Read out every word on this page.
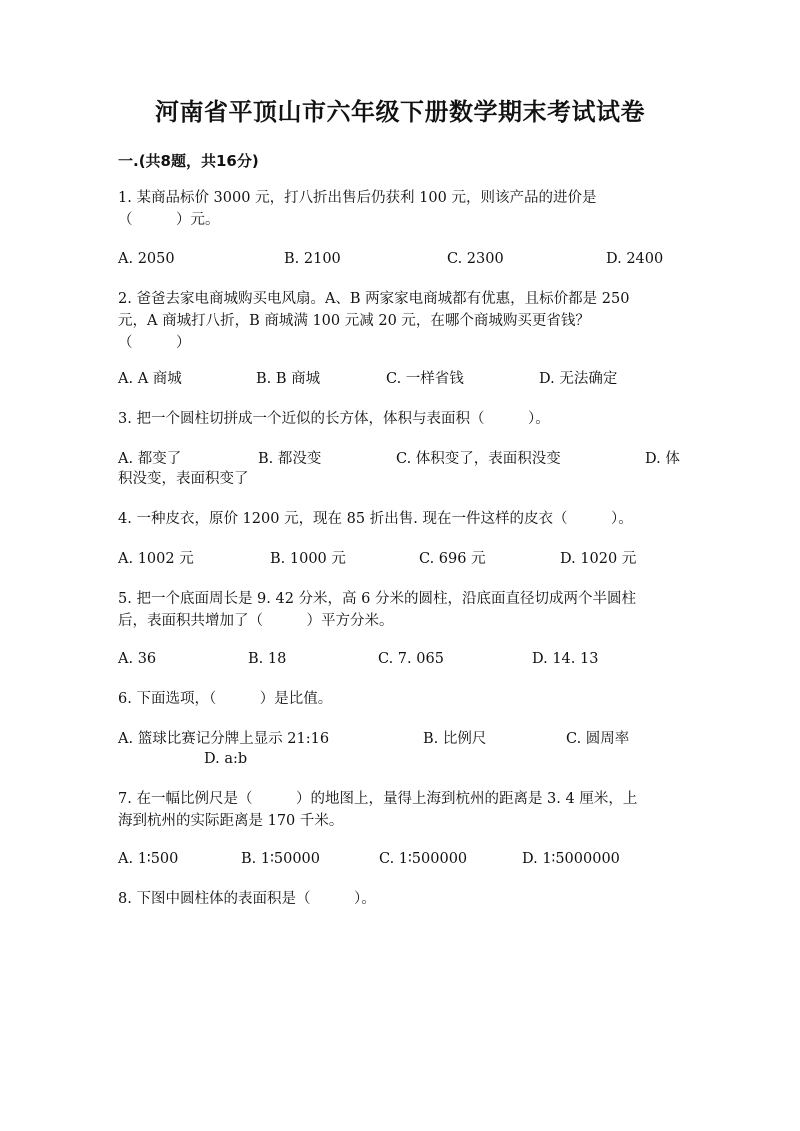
河南省平顶山市六年级下册数学期末考试试卷
一.(共8题，共16分)
1. 某商品标价 3000 元，打八折出售后仍获利 100 元，则该产品的进价是
（　　　）元。
A. 2050	B. 2100	C. 2300	D. 2400
2. 爸爸去家电商城购买电风扇。A、B 两家家电商城都有优惠，且标价都是 250
元，A 商城打八折，B 商城满 100 元减 20 元，在哪个商城购买更省钱？
（　　　）
A. A 商城	B. B 商城	C. 一样省钱	D. 无法确定
3. 把一个圆柱切拼成一个近似的长方体，体积与表面积（　　　）。
A. 都变了	B. 都没变	C. 体积变了，表面积没变	D. 体
积没变，表面积变了
4. 一种皮衣，原价 1200 元，现在 85 折出售. 现在一件这样的皮衣（　　　）。
A. 1002 元	B. 1000 元	C. 696 元	D. 1020 元
5. 把一个底面周长是 9. 42 分米，高 6 分米的圆柱，沿底面直径切成两个半圆柱
后，表面积共增加了（　　　）平方分米。
A. 36	B. 18	C. 7. 065	D. 14. 13
6. 下面选项，（　　　）是比值。
A. 篮球比赛记分牌上显示 21:16	B. 比例尺	C. 圆周率
D. a:b
7. 在一幅比例尺是（　　　）的地图上，量得上海到杭州的距离是 3. 4 厘米，上
海到杭州的实际距离是 170 千米。
A. 1∶500	B. 1∶50000	C. 1∶500000	D. 1∶5000000
8. 下图中圆柱体的表面积是（　　　）。
